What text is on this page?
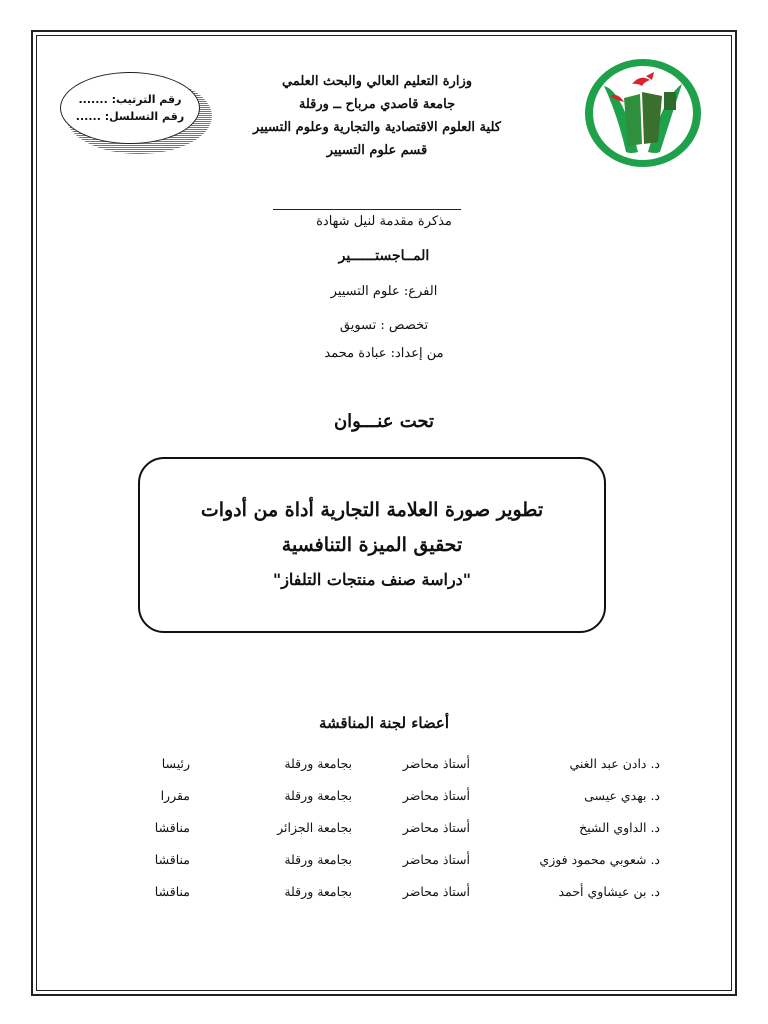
رقم الترتيب: .......
رقم التسلسل: ......
وزارة التعليم العالي والبحث العلمي
جامعة قاصدي مرباح ــ ورقلة
كلية العلوم الاقتصادية والتجارية وعلوم التسيير
قسم علوم التسيير
مذكرة مقدمة لنيل شهادة
المــاجستــــــير
الفرع: علوم التسيير
تخصص : تسويق
من إعداد: عبادة محمد
تحت عنـــوان
تطوير صورة العلامة التجارية أداة من أدوات
تحقيق الميزة التنافسية
"دراسة صنف منتجات التلفاز"
أعضاء لجنة المناقشة
د. دادن عبد الغني
أستاذ محاضر
بجامعة ورقلة
رئيسا
د. بهدي عيسى
أستاذ محاضر
بجامعة ورقلة
مقررا
د. الداوي الشيخ
أستاذ محاضر
بجامعة الجزائر
مناقشا
د. شعوبي محمود فوزي
أستاذ محاضر
بجامعة ورقلة
مناقشا
د. بن عيشاوي أحمد
أستاذ محاضر
بجامعة ورقلة
مناقشا
